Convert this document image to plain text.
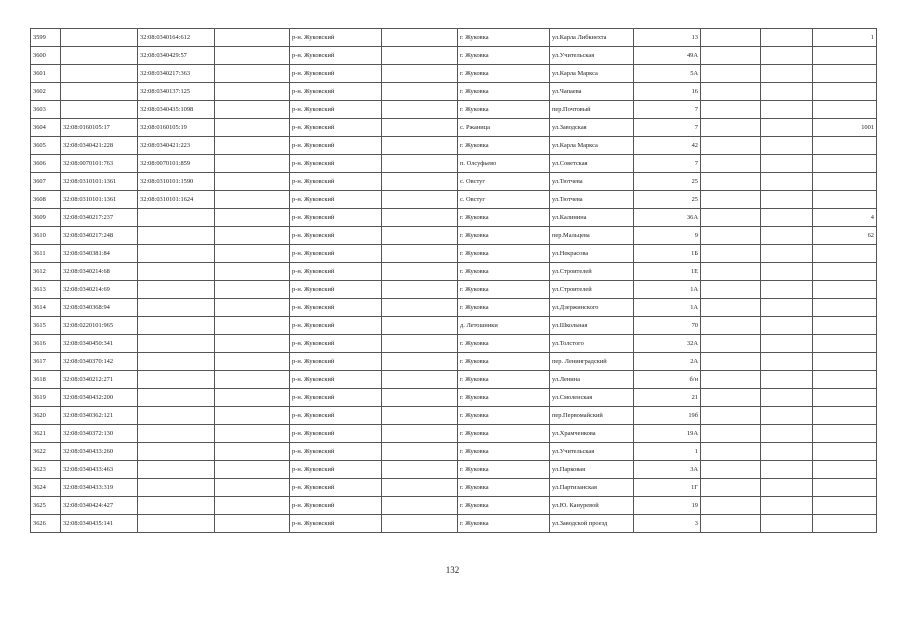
3599		32:08:0340164:612		р-н. Жуковский		г. Жуковка	ул.Карла Либкнехта	13			1
3600		32:08:0340429:57		р-н. Жуковский		г. Жуковка	ул.Учительская	49А			
3601		32:08:0340217:363		р-н. Жуковский		г. Жуковка	ул.Карла Маркса	5А			
3602		32:08:0340137:125		р-н. Жуковский		г. Жуковка	ул.Чапаева	16			
3603		32:08:0340435:1098		р-н. Жуковский		г. Жуковка	пер.Почтовый	7			
3604	32:08:0160105:17	32:08:0160105:19		р-н. Жуковский		с. Ржаница	ул.Заводская	7			1001
3605	32:08:0340421:228	32:08:0340421:223		р-н. Жуковский		г. Жуковка	ул.Карла Маркса	42			
3606	32:08:0070101:763	32:08:0070101:859		р-н. Жуковский		п. Олсуфьево	ул.Советская	7			
3607	32:08:0310101:1361	32:08:0310101:1590		р-н. Жуковский		с. Овстуг	ул.Тютчева	25			
3608	32:08:0310101:1361	32:08:0310101:1624		р-н. Жуковский		с. Овстуг	ул.Тютчева	25			
3609	32:08:0340217:237			р-н. Жуковский		г. Жуковка	ул.Калинина	36А			4
3610	32:08:0340217:248			р-н. Жуковский		г. Жуковка	пер.Мальцева	9			62
3611	32:08:0340381:84			р-н. Жуковский		г. Жуковка	ул.Некрасова	1Б			
3612	32:08:0340214:68			р-н. Жуковский		г. Жуковка	ул.Строителей	1Е			
3613	32:08:0340214:69			р-н. Жуковский		г. Жуковка	ул.Строителей	1А			
3614	32:08:0340368:94			р-н. Жуковский		г. Жуковка	ул.Дзержинского	1А			
3615	32:08:0220101:965			р-н. Жуковский		д. Летошники	ул.Школьная	70			
3616	32:08:0340450:341			р-н. Жуковский		г. Жуковка	ул.Толстого	32А			
3617	32:08:0340370:142			р-н. Жуковский		г. Жуковка	пер. Ленинградский	2А			
3618	32:08:0340212:271			р-н. Жуковский		г. Жуковка	ул.Ленина	б/н			
3619	32:08:0340432:200			р-н. Жуковский		г. Жуковка	ул.Смоленская	21			
3620	32:08:0340362:121			р-н. Жуковский		г. Жуковка	пер.Первомайский	19б			
3621	32:08:0340372:130			р-н. Жуковский		г. Жуковка	ул.Храмченкова	19А			
3622	32:08:0340433:260			р-н. Жуковский		г. Жуковка	ул.Учительская	1			
3623	32:08:0340433:463			р-н. Жуковский		г. Жуковка	ул.Парковая	3А			
3624	32:08:0340433:319			р-н. Жуковский		г. Жуковка	ул.Партизанская	1Г			
3625	32:08:0340424:427			р-н. Жуковский		г. Жуковка	ул.Ю. Кануревой	19			
3626	32:08:0340435:141			р-н. Жуковский		г. Жуковка	ул.Заводской проезд	3			
132
